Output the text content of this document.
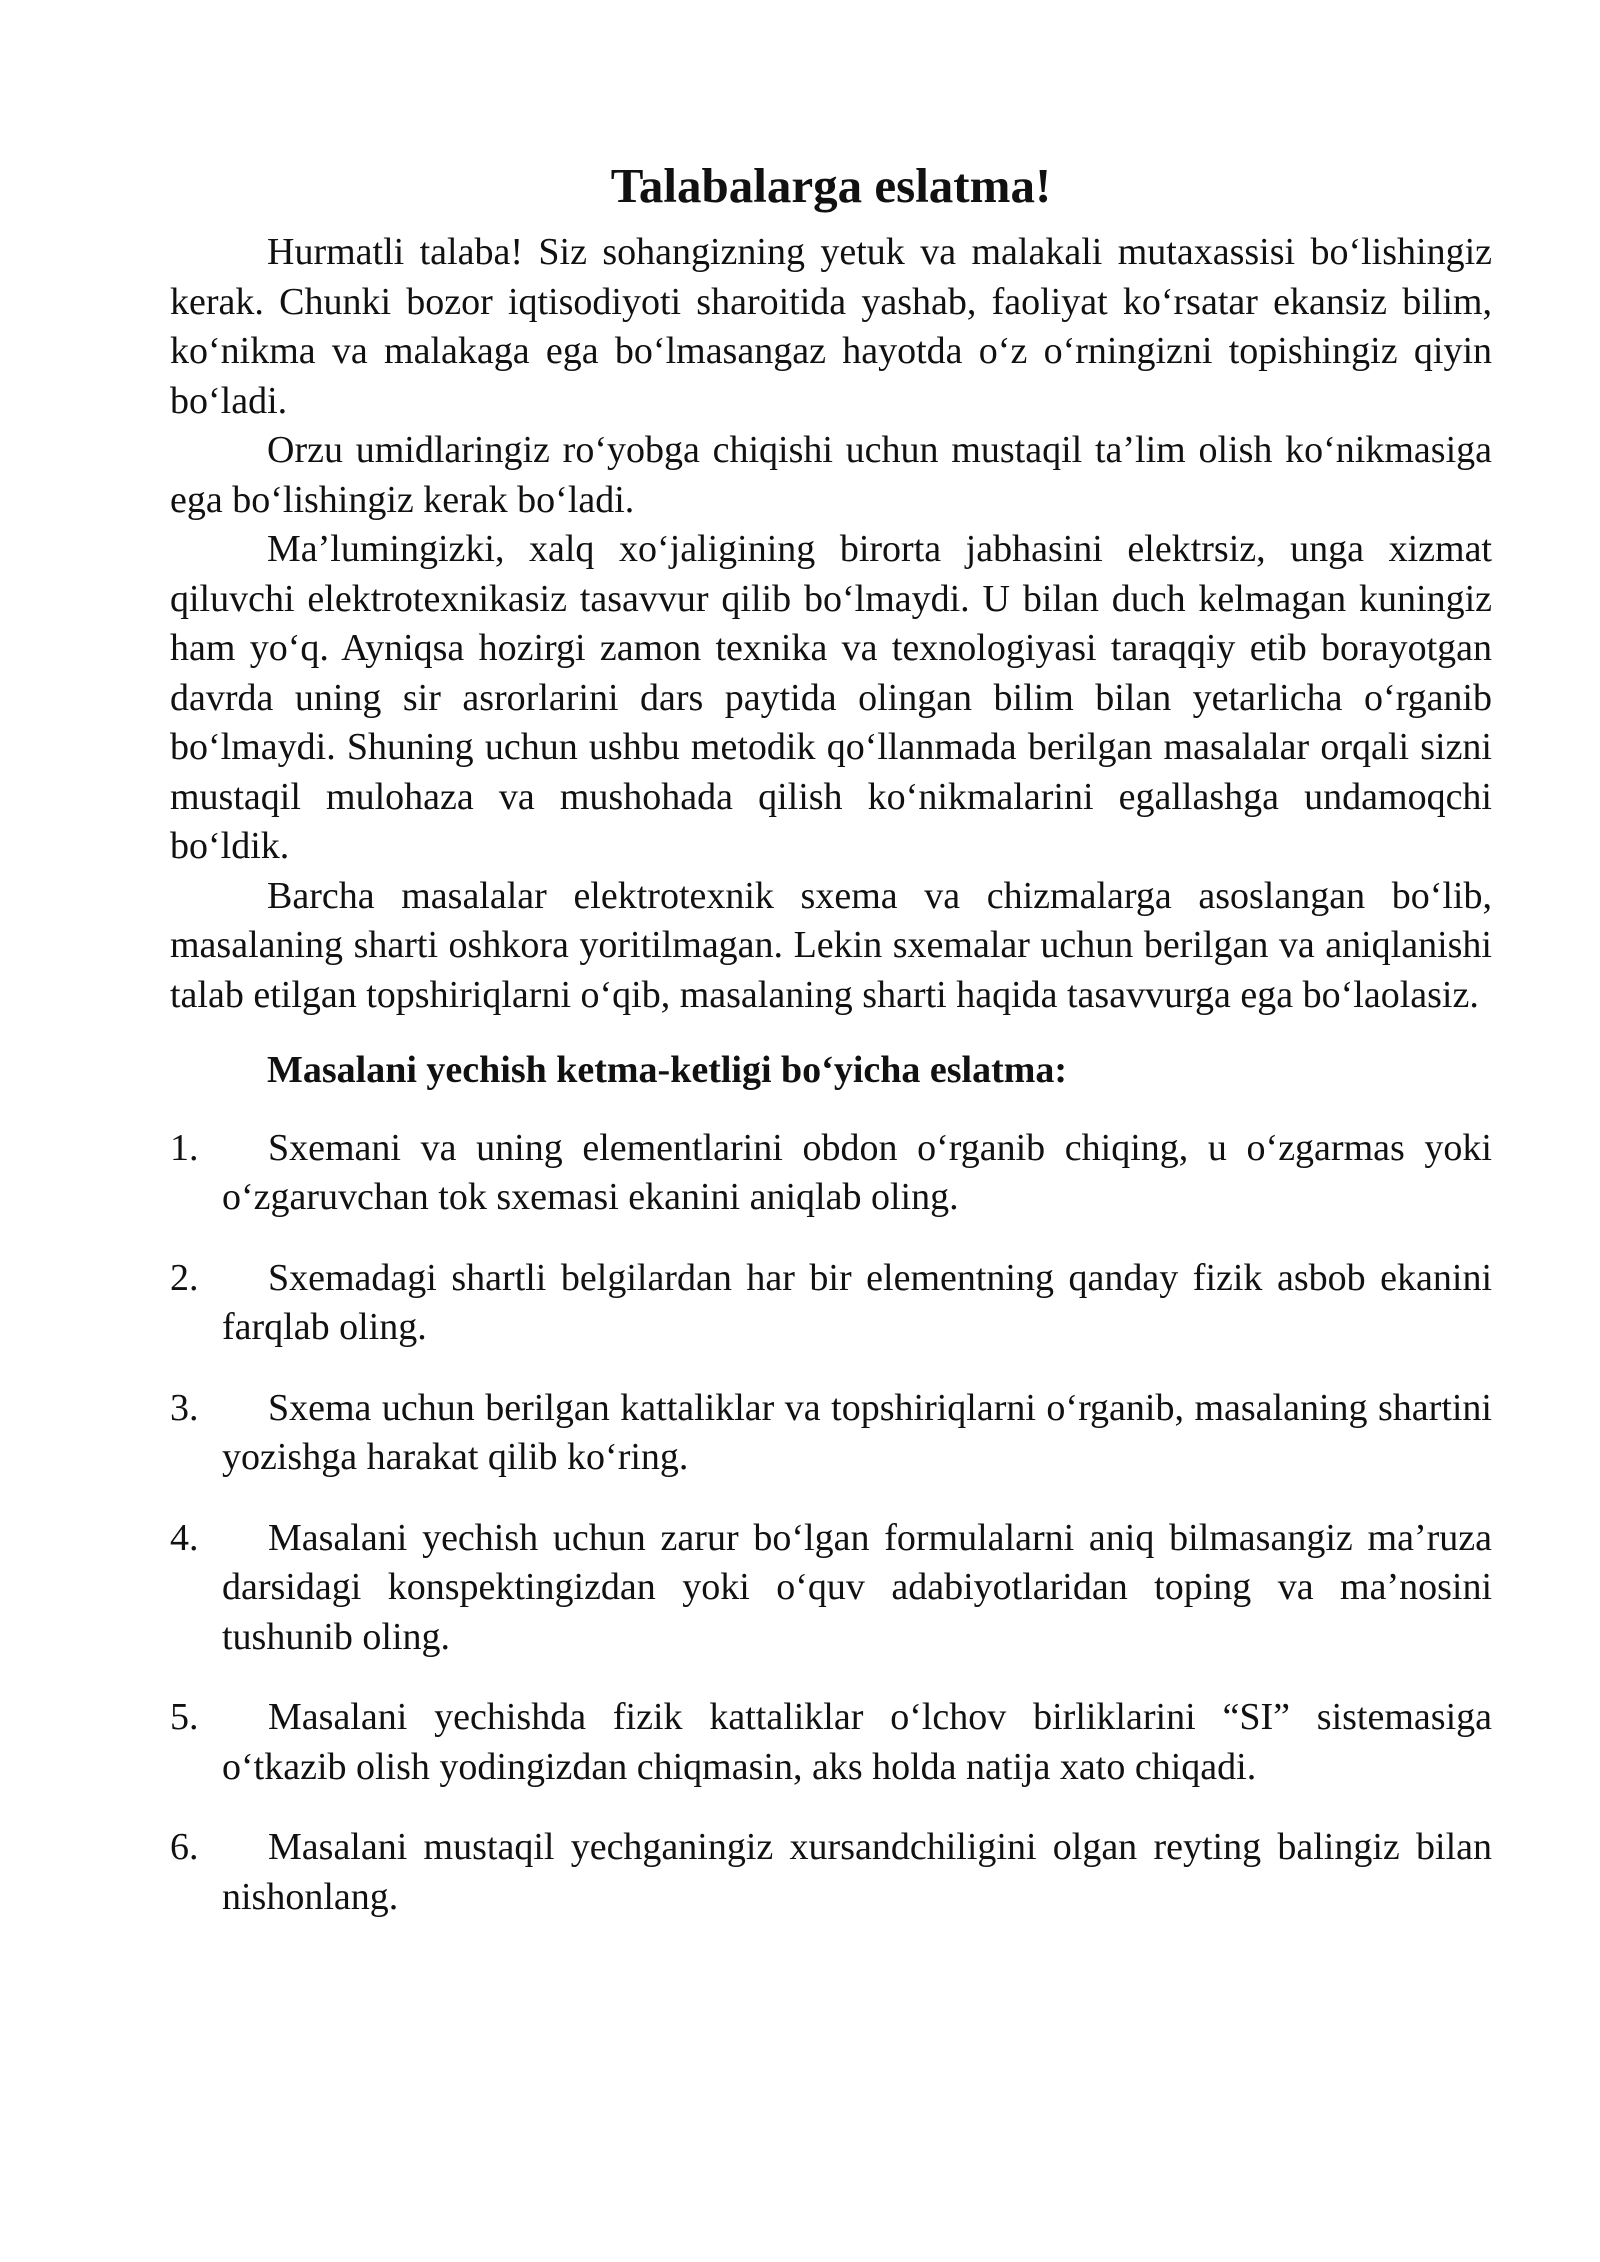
Talabalarga eslatma!

Hurmatli talaba! Siz sohangizning yetuk va malakali mutaxassisi bo‘lishingiz kerak. Chunki bozor iqtisodiyoti sharoitida yashab, faoliyat ko‘rsatar ekansiz bilim, ko‘nikma va malakaga ega bo‘lmasangaz hayotda o‘z o‘rningizni topishingiz qiyin bo‘ladi.

Orzu umidlaringiz ro‘yobga chiqishi uchun mustaqil ta’lim olish ko‘nikmasiga ega bo‘lishingiz kerak bo‘ladi.

Ma’lumingizki, xalq xo‘jaligining birorta jabhasini elektrsiz, unga xizmat qiluvchi elektrotexnikasiz tasavvur qilib bo‘lmaydi. U bilan duch kelmagan kuningiz ham yo‘q. Ayniqsa hozirgi zamon texnika va texnologiyasi taraqqiy etib borayotgan davrda uning sir asrorlarini dars paytida olingan bilim bilan yetarlicha o‘rganib bo‘lmaydi. Shuning uchun ushbu metodik qo‘llanmada berilgan masalalar orqali sizni mustaqil mulohaza va mushohada qilish ko‘nikmalarini egallashga undamoqchi bo‘ldik.

Barcha masalalar elektrotexnik sxema va chizmalarga asoslangan bo‘lib, masalaning sharti oshkora yoritilmagan. Lekin sxemalar uchun berilgan va aniqlanishi talab etilgan topshiriqlarni o‘qib, masalaning sharti haqida tasavvurga ega bo‘laolasiz.

Masalani yechish ketma-ketligi bo‘yicha eslatma:

1.	Sxemani va uning elementlarini obdon o‘rganib chiqing, u o‘zgarmas yoki o‘zgaruvchan tok sxemasi ekanini aniqlab oling.
2.	Sxemadagi shartli belgilardan har bir elementning qanday fizik asbob ekanini farqlab oling.
3.	Sxema uchun berilgan kattaliklar va topshiriqlarni o‘rganib, masalaning shartini yozishga harakat qilib ko‘ring.
4.	Masalani yechish uchun zarur bo‘lgan formulalarni aniq bilmasangiz ma’ruza darsidagi konspektingizdan yoki o‘quv adabiyotlaridan toping va ma’nosini tushunib oling.
5.	Masalani yechishda fizik kattaliklar o‘lchov birliklarini “SI” sistemasiga o‘tkazib olish yodingizdan chiqmasin, aks holda natija xato chiqadi.
6.	Masalani mustaqil yechganingiz xursandchiligini olgan reyting balingiz bilan nishonlang.
